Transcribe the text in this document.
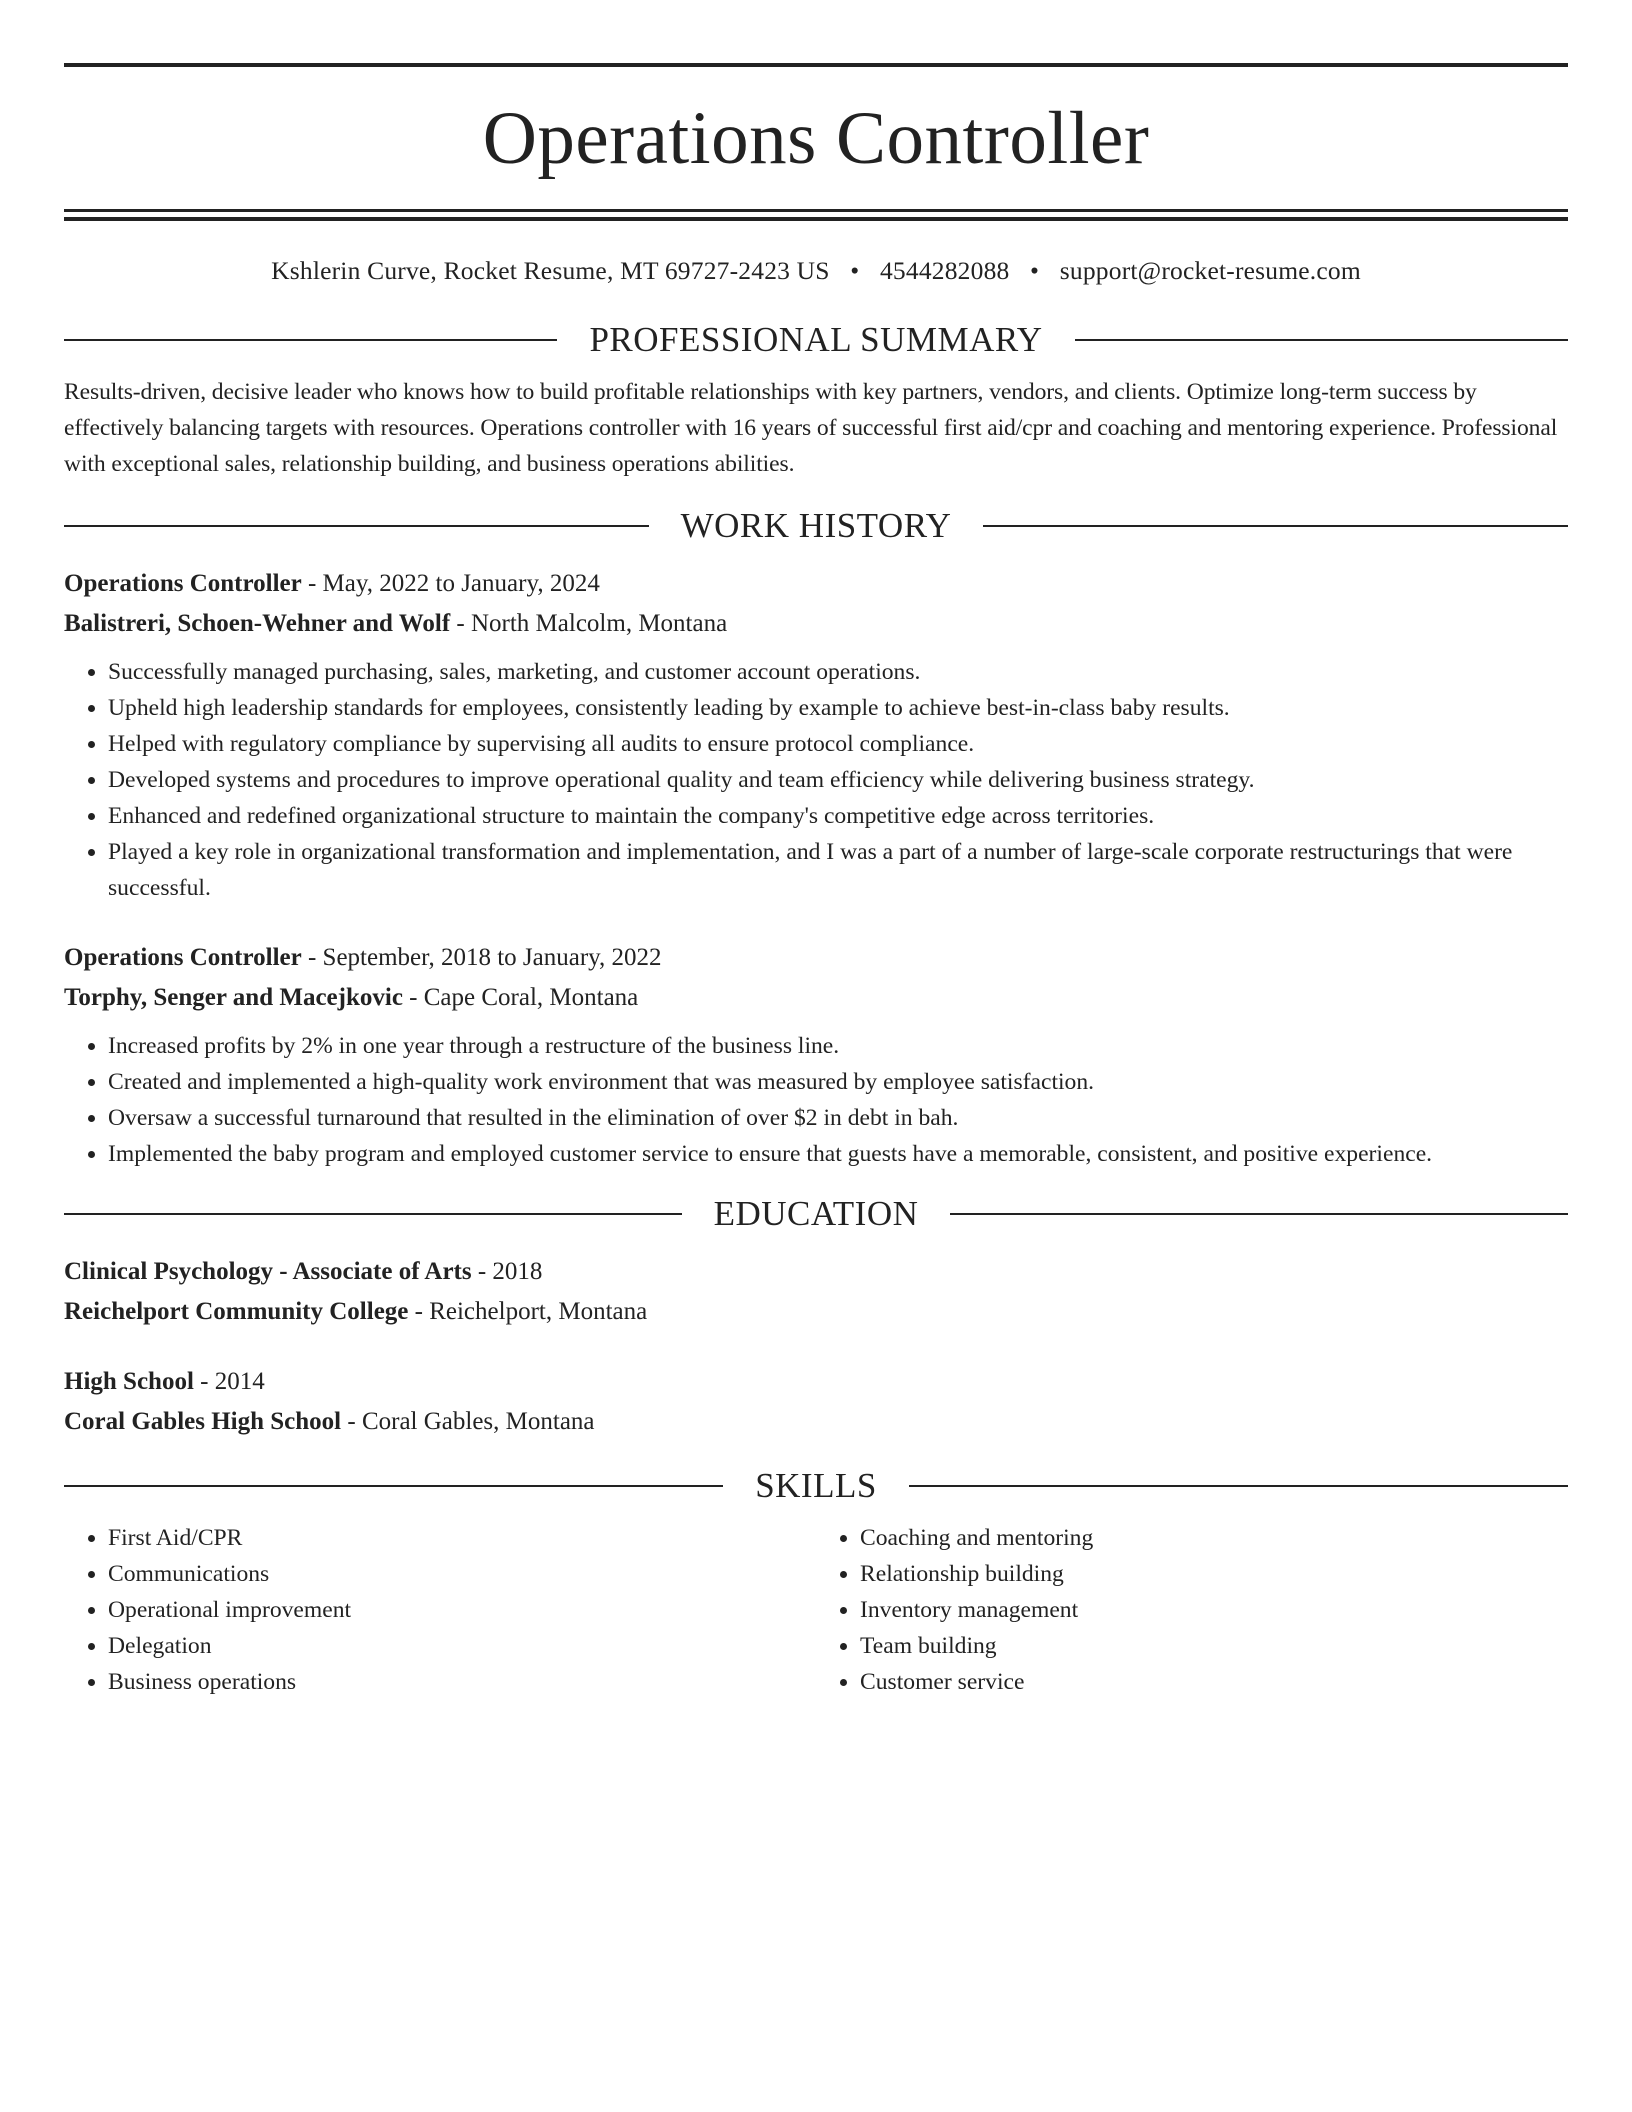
Operations Controller
Kshlerin Curve, Rocket Resume, MT 69727-2423 US • 4544282088 • support@rocket-resume.com
PROFESSIONAL SUMMARY
Results-driven, decisive leader who knows how to build profitable relationships with key partners, vendors, and clients. Optimize long-term success by effectively balancing targets with resources. Operations controller with 16 years of successful first aid/cpr and coaching and mentoring experience. Professional with exceptional sales, relationship building, and business operations abilities.
WORK HISTORY
Operations Controller - May, 2022 to January, 2024
Balistreri, Schoen-Wehner and Wolf - North Malcolm, Montana
• Successfully managed purchasing, sales, marketing, and customer account operations.
• Upheld high leadership standards for employees, consistently leading by example to achieve best-in-class baby results.
• Helped with regulatory compliance by supervising all audits to ensure protocol compliance.
• Developed systems and procedures to improve operational quality and team efficiency while delivering business strategy.
• Enhanced and redefined organizational structure to maintain the company's competitive edge across territories.
• Played a key role in organizational transformation and implementation, and I was a part of a number of large-scale corporate restructurings that were successful.
Operations Controller - September, 2018 to January, 2022
Torphy, Senger and Macejkovic - Cape Coral, Montana
• Increased profits by 2% in one year through a restructure of the business line.
• Created and implemented a high-quality work environment that was measured by employee satisfaction.
• Oversaw a successful turnaround that resulted in the elimination of over $2 in debt in bah.
• Implemented the baby program and employed customer service to ensure that guests have a memorable, consistent, and positive experience.
EDUCATION
Clinical Psychology - Associate of Arts - 2018
Reichelport Community College - Reichelport, Montana
High School - 2014
Coral Gables High School - Coral Gables, Montana
SKILLS
• First Aid/CPR
• Communications
• Operational improvement
• Delegation
• Business operations
• Coaching and mentoring
• Relationship building
• Inventory management
• Team building
• Customer service
